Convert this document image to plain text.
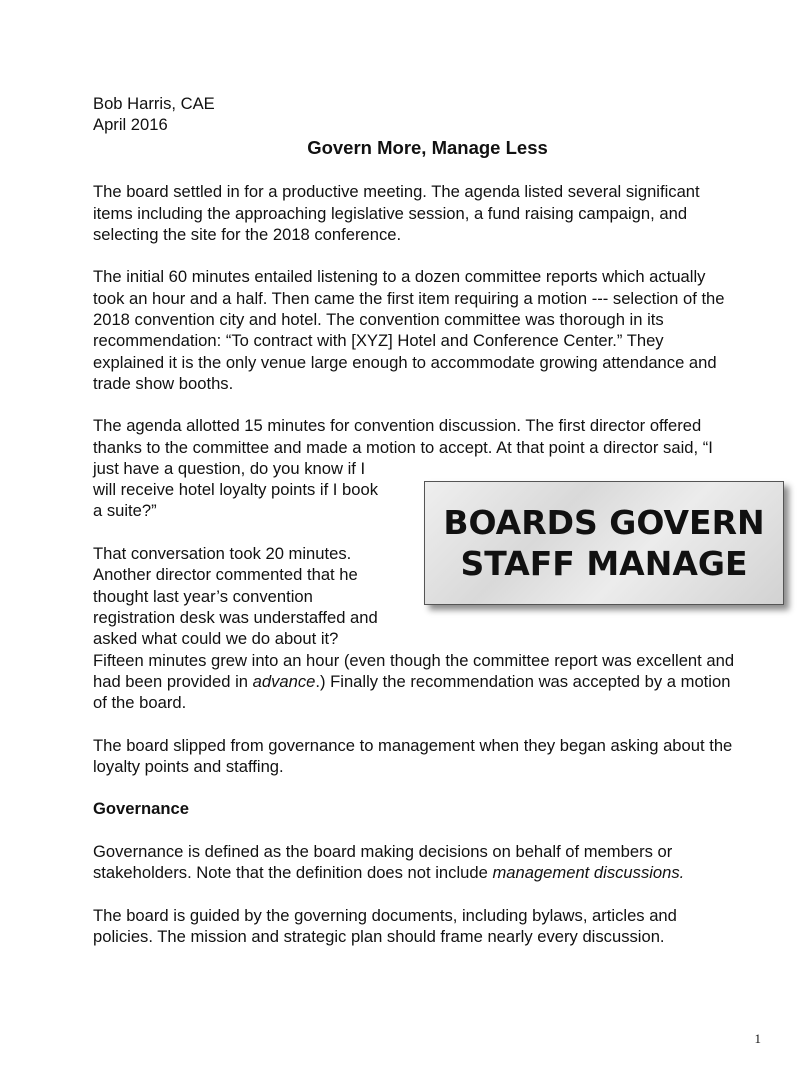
Bob Harris, CAE

April 2016

Govern More, Manage Less

The board settled in for a productive meeting. The agenda listed several significant

items including the approaching legislative session, a fund raising campaign, and

selecting the site for the 2018 conference.

The initial 60 minutes entailed listening to a dozen committee reports which actually

took an hour and a half. Then came the first item requiring a motion --- selection of the

2018 convention city and hotel. The convention committee was thorough in its

recommendation: “To contract with [XYZ] Hotel and Conference Center.” They

explained it is the only venue large enough to accommodate growing attendance and

trade show booths.

The agenda allotted 15 minutes for convention discussion. The first director offered

thanks to the committee and made a motion to accept. At that point a director said, “I

just have a question, do you know if I

will receive hotel loyalty points if I book

a suite?”

That conversation took 20 minutes.

Another director commented that he

thought last year’s convention

registration desk was understaffed and

asked what could we do about it?

Fifteen minutes grew into an hour (even though the committee report was excellent and

had been provided in advance.) Finally the recommendation was accepted by a motion

of the board.

The board slipped from governance to management when they began asking about the

loyalty points and staffing.

Governance

Governance is defined as the board making decisions on behalf of members or

stakeholders. Note that the definition does not include management discussions.

The board is guided by the governing documents, including bylaws, articles and

policies. The mission and strategic plan should frame nearly every discussion.

BOARDS GOVERN
STAFF MANAGE
1
